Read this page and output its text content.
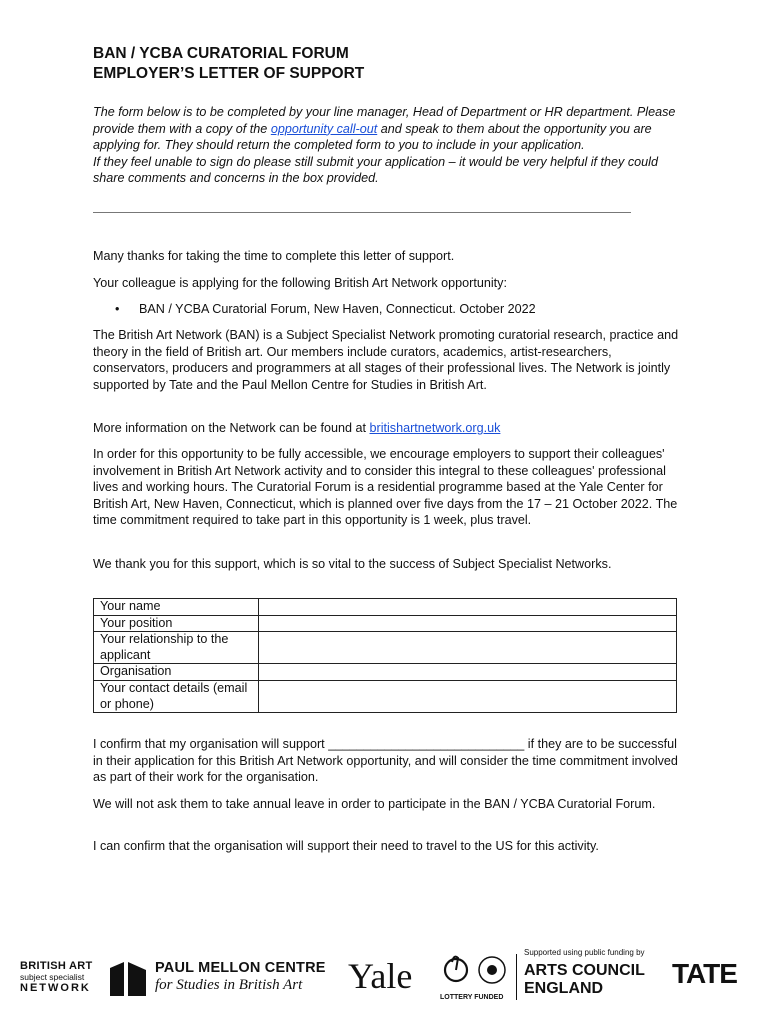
BAN / YCBA CURATORIAL FORUM
EMPLOYER’S LETTER OF SUPPORT
The form below is to be completed by your line manager, Head of Department or HR department. Please provide them with a copy of the opportunity call-out and speak to them about the opportunity you are applying for. They should return the completed form to you to include in your application.
If they feel unable to sign do please still submit your application – it would be very helpful if they could share comments and concerns in the box provided.
Many thanks for taking the time to complete this letter of support.
Your colleague is applying for the following British Art Network opportunity:
• BAN / YCBA Curatorial Forum, New Haven, Connecticut. October 2022
The British Art Network (BAN) is a Subject Specialist Network promoting curatorial research, practice and theory in the field of British art. Our members include curators, academics, artist-researchers, conservators, producers and programmers at all stages of their professional lives. The Network is jointly supported by Tate and the Paul Mellon Centre for Studies in British Art.
More information on the Network can be found at britishartnetwork.org.uk
In order for this opportunity to be fully accessible, we encourage employers to support their colleagues' involvement in British Art Network activity and to consider this integral to these colleagues' professional lives and working hours. The Curatorial Forum is a residential programme based at the Yale Center for British Art, New Haven, Connecticut, which is planned over five days from the 17 – 21 October 2022. The time commitment required to take part in this opportunity is 1 week, plus travel.
We thank you for this support, which is so vital to the success of Subject Specialist Networks.
Your name	
Your position	
Your relationship to the applicant	
Organisation	
Your contact details (email or phone)	
I confirm that my organisation will support ____________________________ if they are to be successful in their application for this British Art Network opportunity, and will consider the time commitment involved as part of their work for the organisation.
We will not ask them to take annual leave in order to participate in the BAN / YCBA Curatorial Forum.
I can confirm that the organisation will support their need to travel to the US for this activity.
BRITISH ART
subject specialist
NETWORK
PAUL MELLON CENTRE
for Studies in British Art	Yale
LOTTERY FUNDED
Supported using public funding by
ARTS COUNCIL
ENGLAND	TATE
